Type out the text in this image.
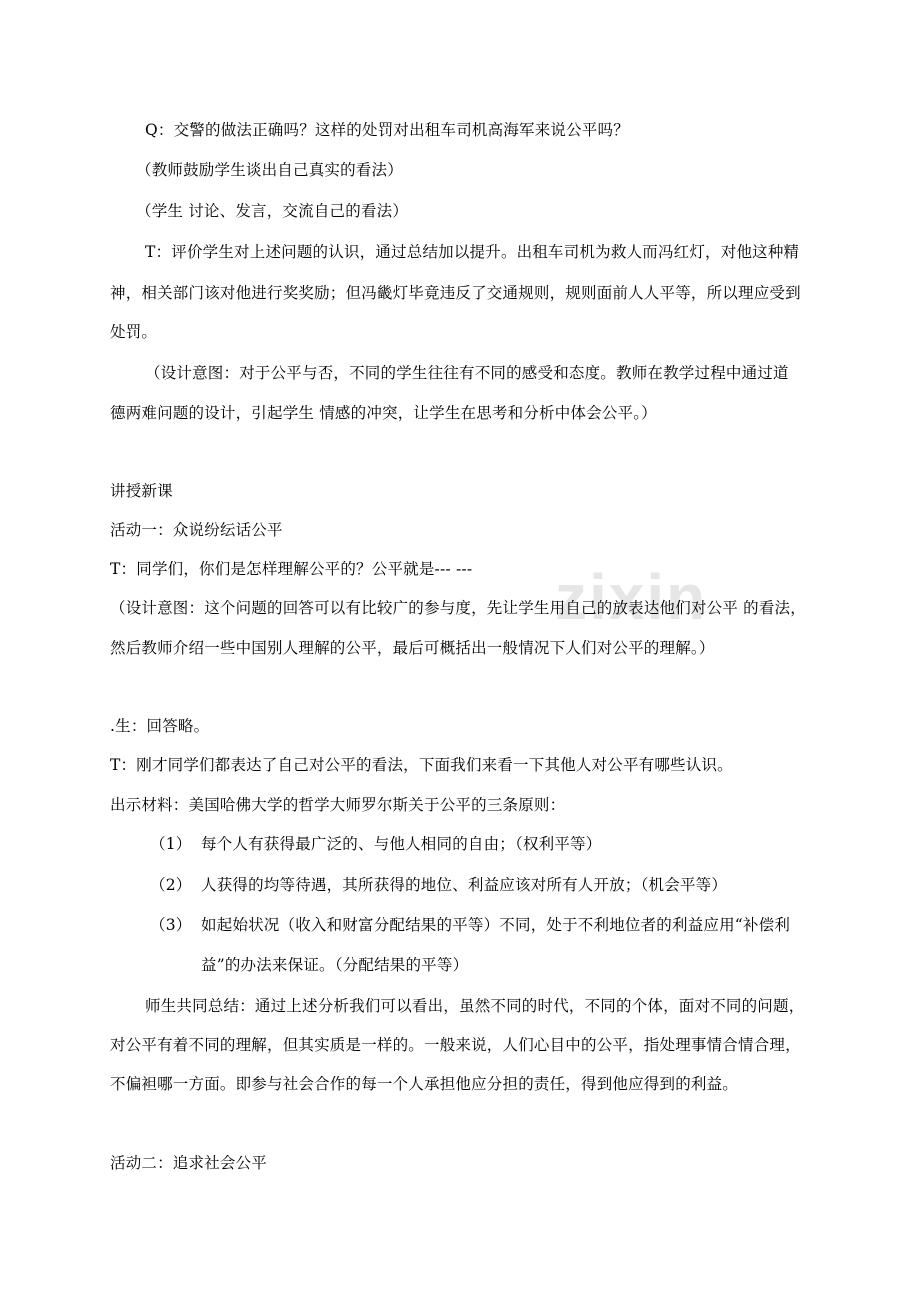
zixin
Q：交警的做法正确吗？这样的处罚对出租车司机高海军来说公平吗？
（教师鼓励学生谈出自己真实的看法）
（学生 讨论、发言，交流自己的看法）
T：评价学生对上述问题的认识，通过总结加以提升。出租车司机为救人而冯红灯，对他这种精
神，相关部门该对他进行奖奖励；但冯畿灯毕竟违反了交通规则，规则面前人人平等，所以理应受到
处罚。
（设计意图：对于公平与否，不同的学生往往有不同的感受和态度。教师在教学过程中通过道
德两难问题的设计，引起学生 情感的冲突，让学生在思考和分析中体会公平。）
讲授新课
活动一：众说纷纭话公平
T：同学们，你们是怎样理解公平的？公平就是--- ---
（设计意图：这个问题的回答可以有比较广的参与度，先让学生用自己的放表达他们对公平 的看法，
然后教师介绍一些中国别人理解的公平，最后可概括出一般情况下人们对公平的理解。）
.生：回答略。
T：刚才同学们都表达了自己对公平的看法，下面我们来看一下其他人对公平有哪些认识。
出示材料：美国哈佛大学的哲学大师罗尔斯关于公平的三条原则：
（1） 每个人有获得最广泛的、与他人相同的自由；（权利平等）
（2） 人获得的均等待遇，其所获得的地位、利益应该对所有人开放；（机会平等）
（3） 如起始状况（收入和财富分配结果的平等）不同，处于不利地位者的利益应用“补偿利
益”的办法来保证。（分配结果的平等）
师生共同总结：通过上述分析我们可以看出，虽然不同的时代，不同的个体，面对不同的问题，
对公平有着不同的理解，但其实质是一样的。一般来说，人们心目中的公平，指处理事情合情合理，
不偏袒哪一方面。即参与社会合作的每一个人承担他应分担的责任，得到他应得到的利益。
活动二：追求社会公平
